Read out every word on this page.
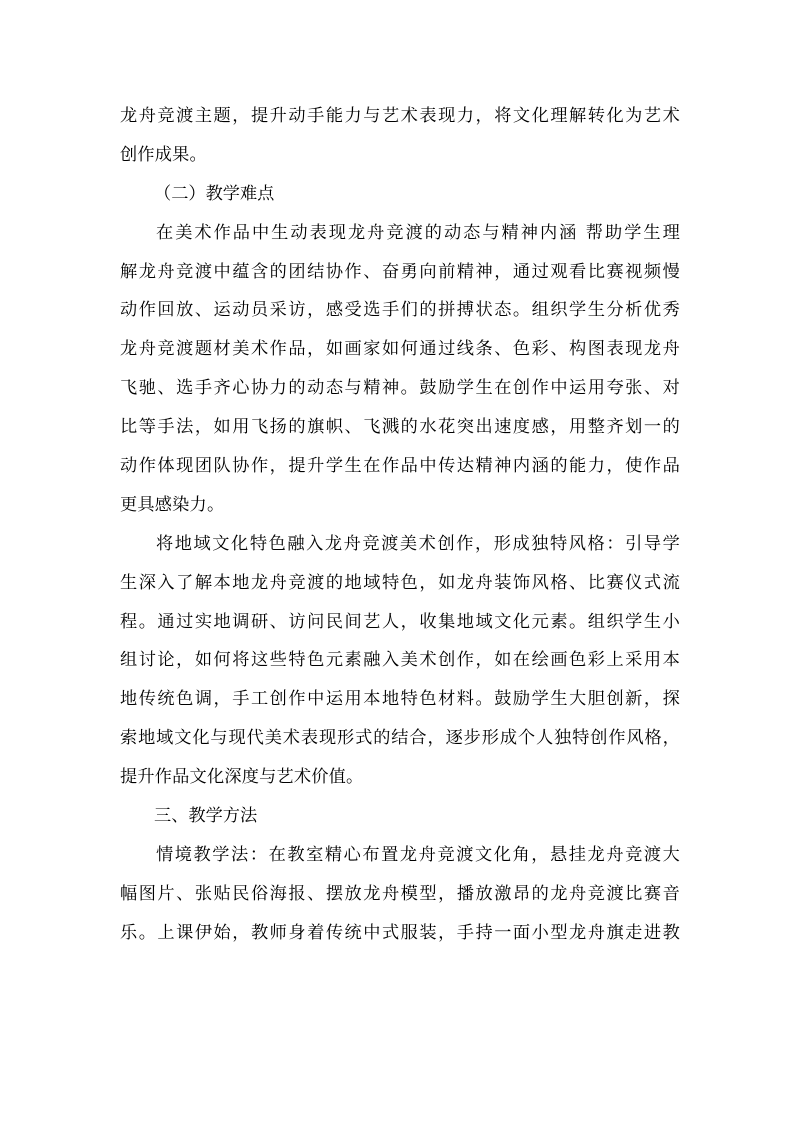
龙舟竞渡主题，提升动手能力与艺术表现力，将文化理解转化为艺术
创作成果。
（二）教学难点
在美术作品中生动表现龙舟竞渡的动态与精神内涵 帮助学生理
解龙舟竞渡中蕴含的团结协作、奋勇向前精神，通过观看比赛视频慢
动作回放、运动员采访，感受选手们的拼搏状态。组织学生分析优秀
龙舟竞渡题材美术作品，如画家如何通过线条、色彩、构图表现龙舟
飞驰、选手齐心协力的动态与精神。鼓励学生在创作中运用夸张、对
比等手法，如用飞扬的旗帜、飞溅的水花突出速度感，用整齐划一的
动作体现团队协作，提升学生在作品中传达精神内涵的能力，使作品
更具感染力。
将地域文化特色融入龙舟竞渡美术创作，形成独特风格：引导学
生深入了解本地龙舟竞渡的地域特色，如龙舟装饰风格、比赛仪式流
程。通过实地调研、访问民间艺人，收集地域文化元素。组织学生小
组讨论，如何将这些特色元素融入美术创作，如在绘画色彩上采用本
地传统色调，手工创作中运用本地特色材料。鼓励学生大胆创新，探
索地域文化与现代美术表现形式的结合，逐步形成个人独特创作风格，
提升作品文化深度与艺术价值。
三、教学方法
情境教学法：在教室精心布置龙舟竞渡文化角，悬挂龙舟竞渡大
幅图片、张贴民俗海报、摆放龙舟模型，播放激昂的龙舟竞渡比赛音
乐。上课伊始，教师身着传统中式服装，手持一面小型龙舟旗走进教
